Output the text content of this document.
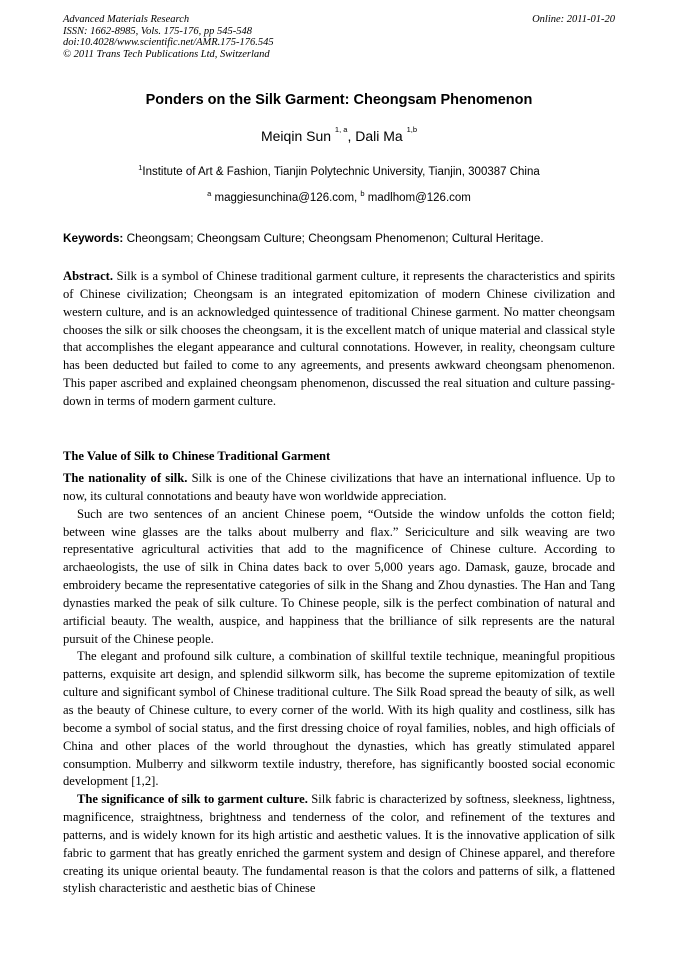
Advanced Materials Research
ISSN: 1662-8985, Vols. 175-176, pp 545-548
doi:10.4028/www.scientific.net/AMR.175-176.545
© 2011 Trans Tech Publications Ltd, Switzerland
Online: 2011-01-20
Ponders on the Silk Garment: Cheongsam Phenomenon
Meiqin Sun $^{1, a}$, Dali Ma $^{1,b}$
$^1$Institute of Art & Fashion, Tianjin Polytechnic University, Tianjin, 300387 China
$^a$ maggiesunchina@126.com, $^b$ madlhom@126.com
Keywords: Cheongsam; Cheongsam Culture; Cheongsam Phenomenon; Cultural Heritage.

Abstract. Silk is a symbol of Chinese traditional garment culture, it represents the characteristics and spirits of Chinese civilization; Cheongsam is an integrated epitomization of modern Chinese civilization and western culture, and is an acknowledged quintessence of traditional Chinese garment. No matter cheongsam chooses the silk or silk chooses the cheongsam, it is the excellent match of unique material and classical style that accomplishes the elegant appearance and cultural connotations. However, in reality, cheongsam culture has been deducted but failed to come to any agreements, and presents awkward cheongsam phenomenon. This paper ascribed and explained cheongsam phenomenon, discussed the real situation and culture passing-down in terms of modern garment culture.

The Value of Silk to Chinese Traditional Garment

The nationality of silk. Silk is one of the Chinese civilizations that have an international influence. Up to now, its cultural connotations and beauty have won worldwide appreciation.

Such are two sentences of an ancient Chinese poem, “Outside the window unfolds the cotton field; between wine glasses are the talks about mulberry and flax.” Sericiculture and silk weaving are two representative agricultural activities that add to the magnificence of Chinese culture. According to archaeologists, the use of silk in China dates back to over 5,000 years ago. Damask, gauze, brocade and embroidery became the representative categories of silk in the Shang and Zhou dynasties. The Han and Tang dynasties marked the peak of silk culture. To Chinese people, silk is the perfect combination of natural and artificial beauty. The wealth, auspice, and happiness that the brilliance of silk represents are the natural pursuit of the Chinese people.

The elegant and profound silk culture, a combination of skillful textile technique, meaningful propitious patterns, exquisite art design, and splendid silkworm silk, has become the supreme epitomization of textile culture and significant symbol of Chinese traditional culture. The Silk Road spread the beauty of silk, as well as the beauty of Chinese culture, to every corner of the world. With its high quality and costliness, silk has become a symbol of social status, and the first dressing choice of royal families, nobles, and high officials of China and other places of the world throughout the dynasties, which has greatly stimulated apparel consumption. Mulberry and silkworm textile industry, therefore, has significantly boosted social economic development [1,2].

The significance of silk to garment culture. Silk fabric is characterized by softness, sleekness, lightness, magnificence, straightness, brightness and tenderness of the color, and refinement of the textures and patterns, and is widely known for its high artistic and aesthetic values. It is the innovative application of silk fabric to garment that has greatly enriched the garment system and design of Chinese apparel, and therefore creating its unique oriental beauty. The fundamental reason is that the colors and patterns of silk, a flattened stylish characteristic and aesthetic bias of Chinese
